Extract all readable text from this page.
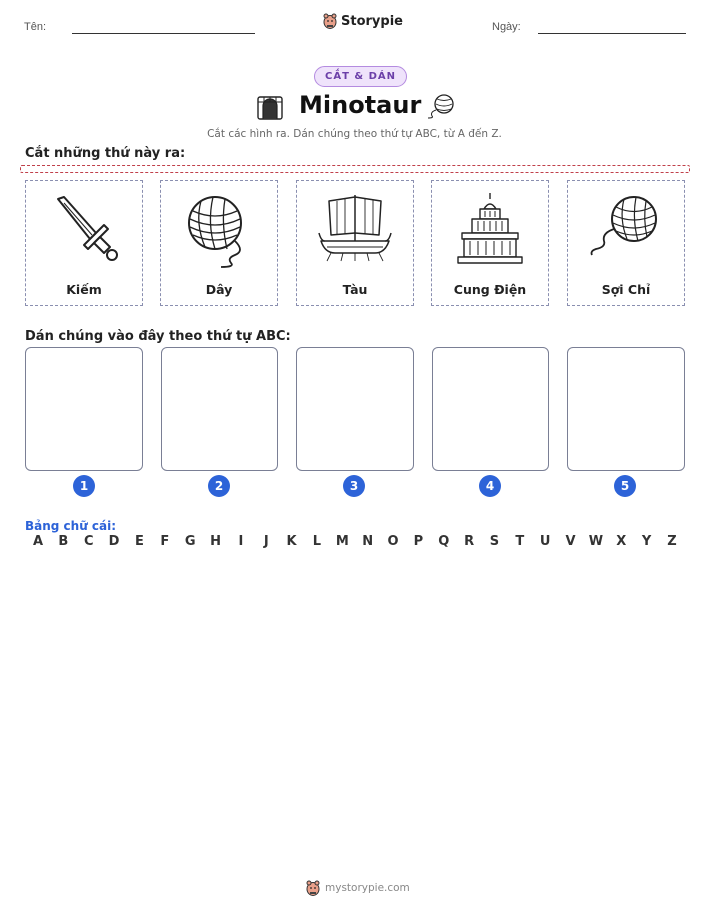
Tên:	Storypie	Ngày:
CẮT & DÁN
Minotaur
Cắt các hình ra. Dán chúng theo thứ tự ABC, từ A đến Z.
Cắt những thứ này ra:
Kiếm	Dây	Tàu	Cung Điện	Sợi Chỉ
Dán chúng vào đây theo thứ tự ABC:
1	2	3	4	5
Bảng chữ cái:
A B C D E F G H	I	J	K L M N O P Q R S T U V W X Y Z
mystorypie.com
